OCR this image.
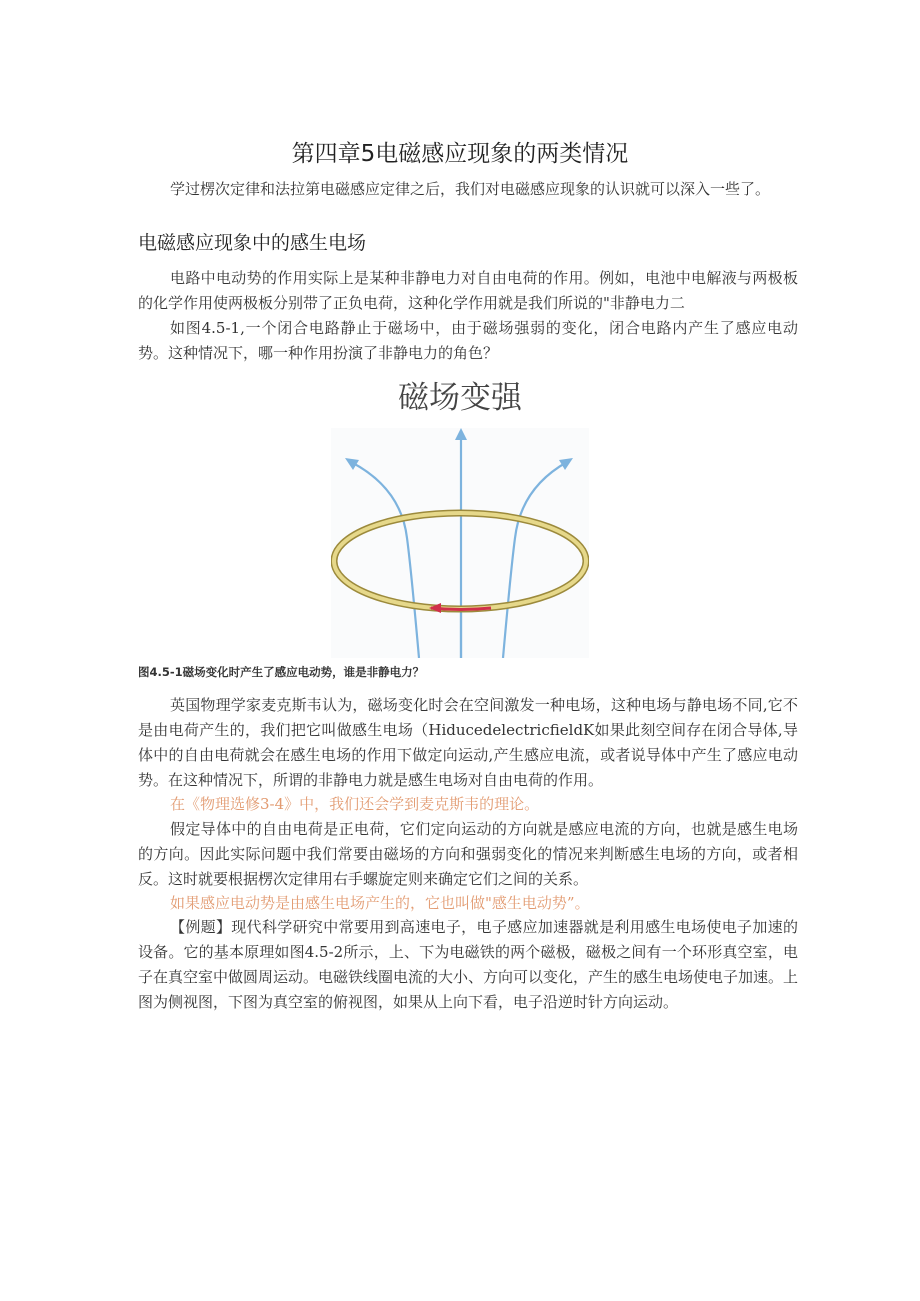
第四章5电磁感应现象的两类情况
学过楞次定律和法拉第电磁感应定律之后，我们对电磁感应现象的认识就可以深入一些了。
电磁感应现象中的感生电场
电路中电动势的作用实际上是某种非静电力对自由电荷的作用。例如，电池中电解液与两极板的化学作用使两极板分别带了正负电荷，这种化学作用就是我们所说的"非静电力二
如图4.5-1,一个闭合电路静止于磁场中，由于磁场强弱的变化，闭合电路内产生了感应电动势。这种情况下，哪一种作用扮演了非静电力的角色？
磁场变强
图4.5-1磁场变化时产生了感应电动势，谁是非静电力？
英国物理学家麦克斯韦认为，磁场变化时会在空间激发一种电场，这种电场与静电场不同,它不是由电荷产生的，我们把它叫做感生电场（HiducedelectricfieldK如果此刻空间存在闭合导体,导体中的自由电荷就会在感生电场的作用下做定向运动,产生感应电流，或者说导体中产生了感应电动势。在这种情况下，所谓的非静电力就是感生电场对自由电荷的作用。
在《物理选修3-4》中，我们还会学到麦克斯韦的理论。
假定导体中的自由电荷是正电荷，它们定向运动的方向就是感应电流的方向，也就是感生电场的方向。因此实际问题中我们常要由磁场的方向和强弱变化的情况来判断感生电场的方向，或者相反。这时就要根据楞次定律用右手螺旋定则来确定它们之间的关系。
如果感应电动势是由感生电场产生的，它也叫做"感生电动势”。
【例题】现代科学研究中常要用到高速电子，电子感应加速器就是利用感生电场使电子加速的设备。它的基本原理如图4.5-2所示，上、下为电磁铁的两个磁极，磁极之间有一个环形真空室，电子在真空室中做圆周运动。电磁铁线圈电流的大小、方向可以变化，产生的感生电场使电子加速。上图为侧视图，下图为真空室的俯视图，如果从上向下看，电子沿逆时针方向运动。
